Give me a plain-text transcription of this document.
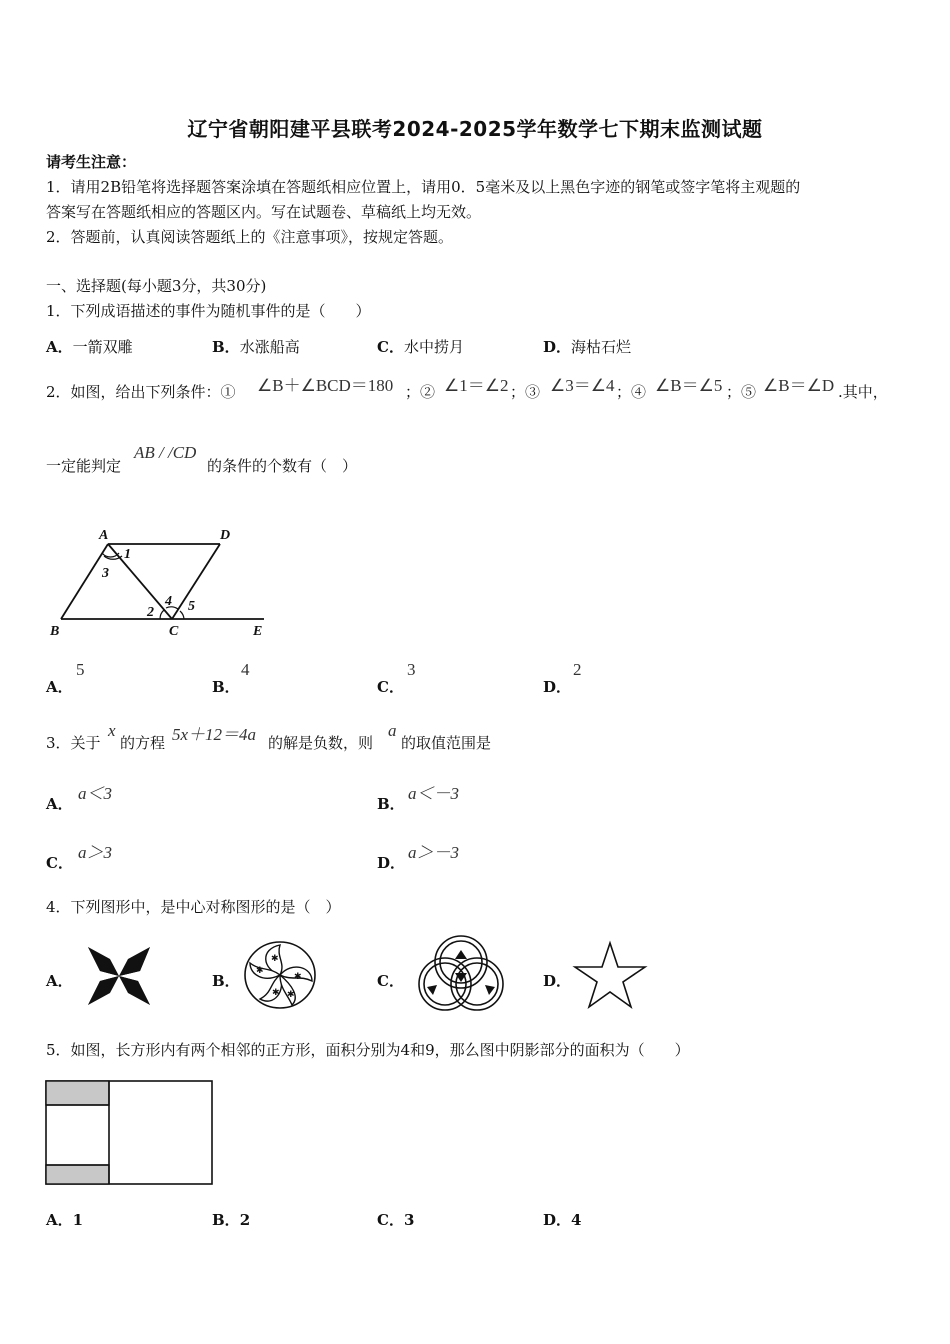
辽宁省朝阳建平县联考2024-2025学年数学七下期末监测试题
请考生注意：
1．请用2B铅笔将选择题答案涂填在答题纸相应位置上，请用0．5毫米及以上黑色字迹的钢笔或签字笔将主观题的
答案写在答题纸相应的答题区内。写在试题卷、草稿纸上均无效。
2．答题前，认真阅读答题纸上的《注意事项》，按规定答题。
一、选择题(每小题3分，共30分)
1．下列成语描述的事件为随机事件的是（　　）
A．一箭双雕	B．水涨船高	C．水中捞月	D．海枯石烂
2．如图，给出下列条件：① ∠B＋∠BCD＝180 ；② ∠1＝∠2 ；③ ∠3＝∠4 ；④ ∠B＝∠5 ；⑤ ∠B＝∠D .其中，
一定能判定
AB / /CD
的条件的个数有（　）
A	D
B	C	E
1
3
2
4 5
A．
5
B．
4
C．
3
D．
2
3．关于
x
的方程 5x＋12＝4a 的解是负数，则
a
的取值范围是
A．
a＜3
B．
a＜－3
C．
a＞3
D．
a＞－3
4．下列图形中，是中心对称图形的是（　）
A．	B．
✱
✱
✱
✱
✱
C．	D．
5．如图，长方形内有两个相邻的正方形，面积分别为4和9，那么图中阴影部分的面积为（　　）
A．1	B．2	C．3	D．4
